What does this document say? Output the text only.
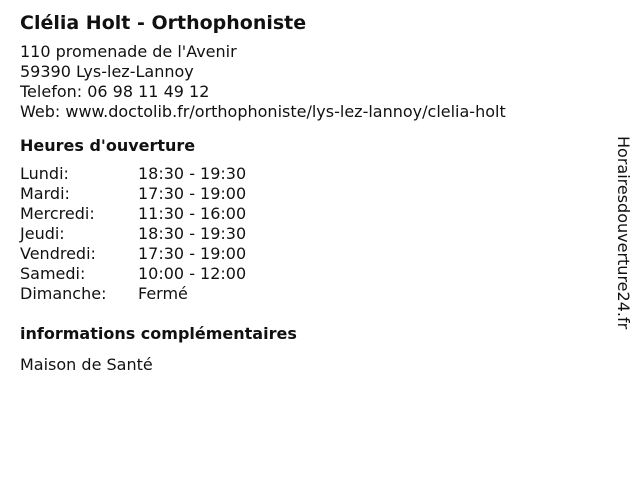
Clélia Holt - Orthophoniste
110 promenade de l'Avenir
59390 Lys-lez-Lannoy
Telefon: 06 98 11 49 12
Web: www.doctolib.fr/orthophoniste/lys-lez-lannoy/clelia-holt
Heures d'ouverture
Lundi:	18:30 - 19:30
Mardi:	17:30 - 19:00
Mercredi:	11:30 - 16:00
Jeudi:	18:30 - 19:30
Vendredi:	17:30 - 19:00
Samedi:	10:00 - 12:00
Dimanche:	Fermé
informations complémentaires
Maison de Santé
Horairesdouverture24.fr
